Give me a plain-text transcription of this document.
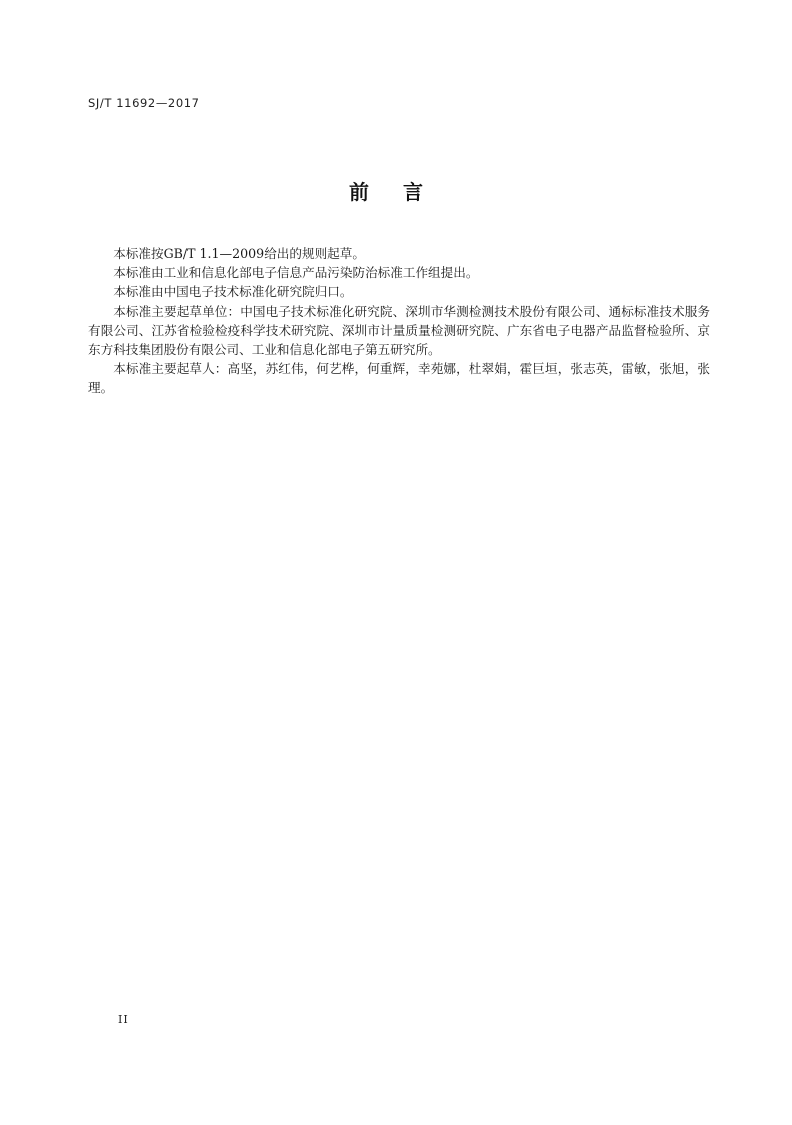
SJ/T 11692—2017
前言

本标准按GB/T 1.1—2009给出的规则起草。

本标准由工业和信息化部电子信息产品污染防治标准工作组提出。

本标准由中国电子技术标准化研究院归口。

本标准主要起草单位：中国电子技术标准化研究院、深圳市华测检测技术股份有限公司、通标标准技术服务有限公司、江苏省检验检疫科学技术研究院、深圳市计量质量检测研究院、广东省电子电器产品监督检验所、京东方科技集团股份有限公司、工业和信息化部电子第五研究所。

本标准主要起草人：高坚，苏红伟，何艺桦，何重辉，幸苑娜，杜翠娟，霍巨垣，张志英，雷敏，张旭，张理。

II
